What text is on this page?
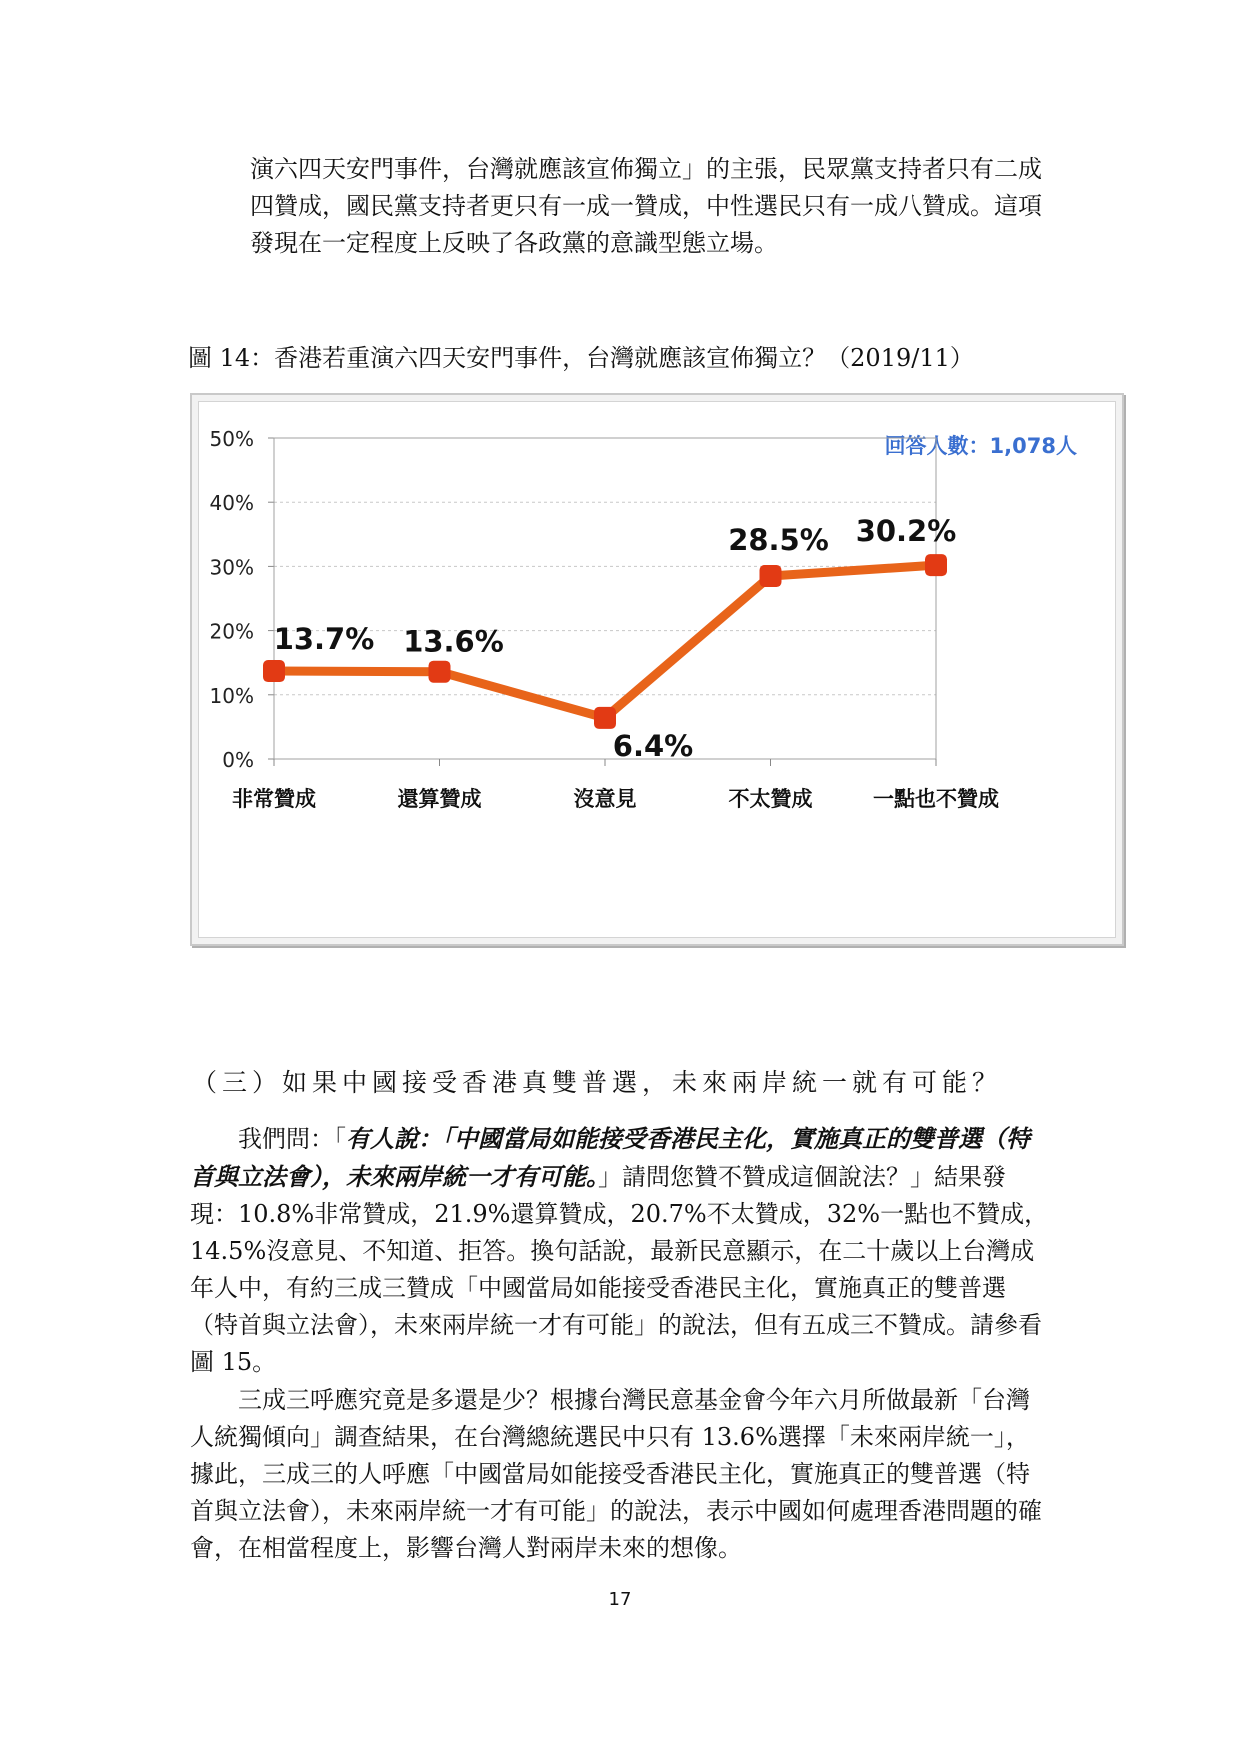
演六四天安門事件，台灣就應該宣佈獨立」的主張，民眾黨支持者只有二成四贊成，國民黨支持者更只有一成一贊成，中性選民只有一成八贊成。這項發現在一定程度上反映了各政黨的意識型態立場。

圖 14：香港若重演六四天安門事件，台灣就應該宣佈獨立？（2019/11）
回答人數：1,078人
0%
10%
20%
30%
40%
50%
非常贊成	還算贊成	沒意見	不太贊成	一點也不贊成
13.7% 13.6%
6.4%
28.5% 30.2%
（三）如果中國接受香港真雙普選，未來兩岸統一就有可能？

我們問：「有人說：「中國當局如能接受香港民主化，實施真正的雙普選（特首與立法會），未來兩岸統一才有可能。」請問您贊不贊成這個說法？」結果發現：10.8%非常贊成，21.9%還算贊成，20.7%不太贊成，32%一點也不贊成，14.5%沒意見、不知道、拒答。換句話說，最新民意顯示，在二十歲以上台灣成年人中，有約三成三贊成「中國當局如能接受香港民主化，實施真正的雙普選（特首與立法會），未來兩岸統一才有可能」的說法，但有五成三不贊成。請參看圖 15。

三成三呼應究竟是多還是少？根據台灣民意基金會今年六月所做最新「台灣人統獨傾向」調查結果，在台灣總統選民中只有 13.6%選擇「未來兩岸統一」，據此，三成三的人呼應「中國當局如能接受香港民主化，實施真正的雙普選（特首與立法會），未來兩岸統一才有可能」的說法，表示中國如何處理香港問題的確會，在相當程度上，影響台灣人對兩岸未來的想像。

17
